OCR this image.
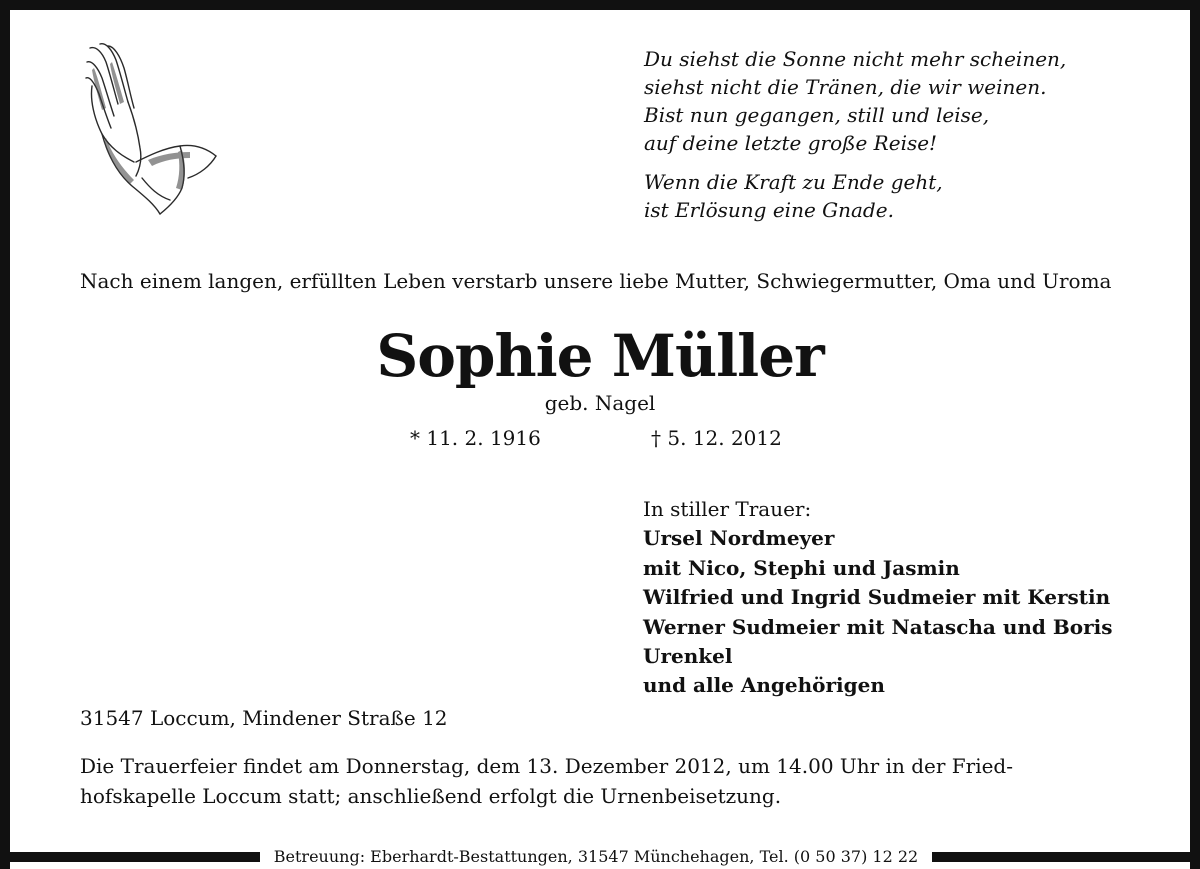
Du siehst die Sonne nicht mehr scheinen,
siehst nicht die Tränen, die wir weinen.
Bist nun gegangen, still und leise,
auf deine letzte große Reise!
Wenn die Kraft zu Ende geht,
ist Erlösung eine Gnade.
Nach einem langen, erfüllten Leben verstarb unsere liebe Mutter, Schwiegermutter, Oma und Uroma
Sophie Müller
geb. Nagel
* 11. 2. 1916	† 5. 12. 2012
In stiller Trauer:
Ursel Nordmeyer
mit Nico, Stephi und Jasmin
Wilfried und Ingrid Sudmeier mit Kerstin
Werner Sudmeier mit Natascha und Boris
Urenkel
und alle Angehörigen
31547 Loccum, Mindener Straße 12
Die Trauerfeier findet am Donnerstag, dem 13. Dezember 2012, um 14.00 Uhr in der Fried-
hofskapelle Loccum statt; anschließend erfolgt die Urnenbeisetzung.
Betreuung: Eberhardt-Bestattungen, 31547 Münchehagen, Tel. (0 50 37) 12 22
